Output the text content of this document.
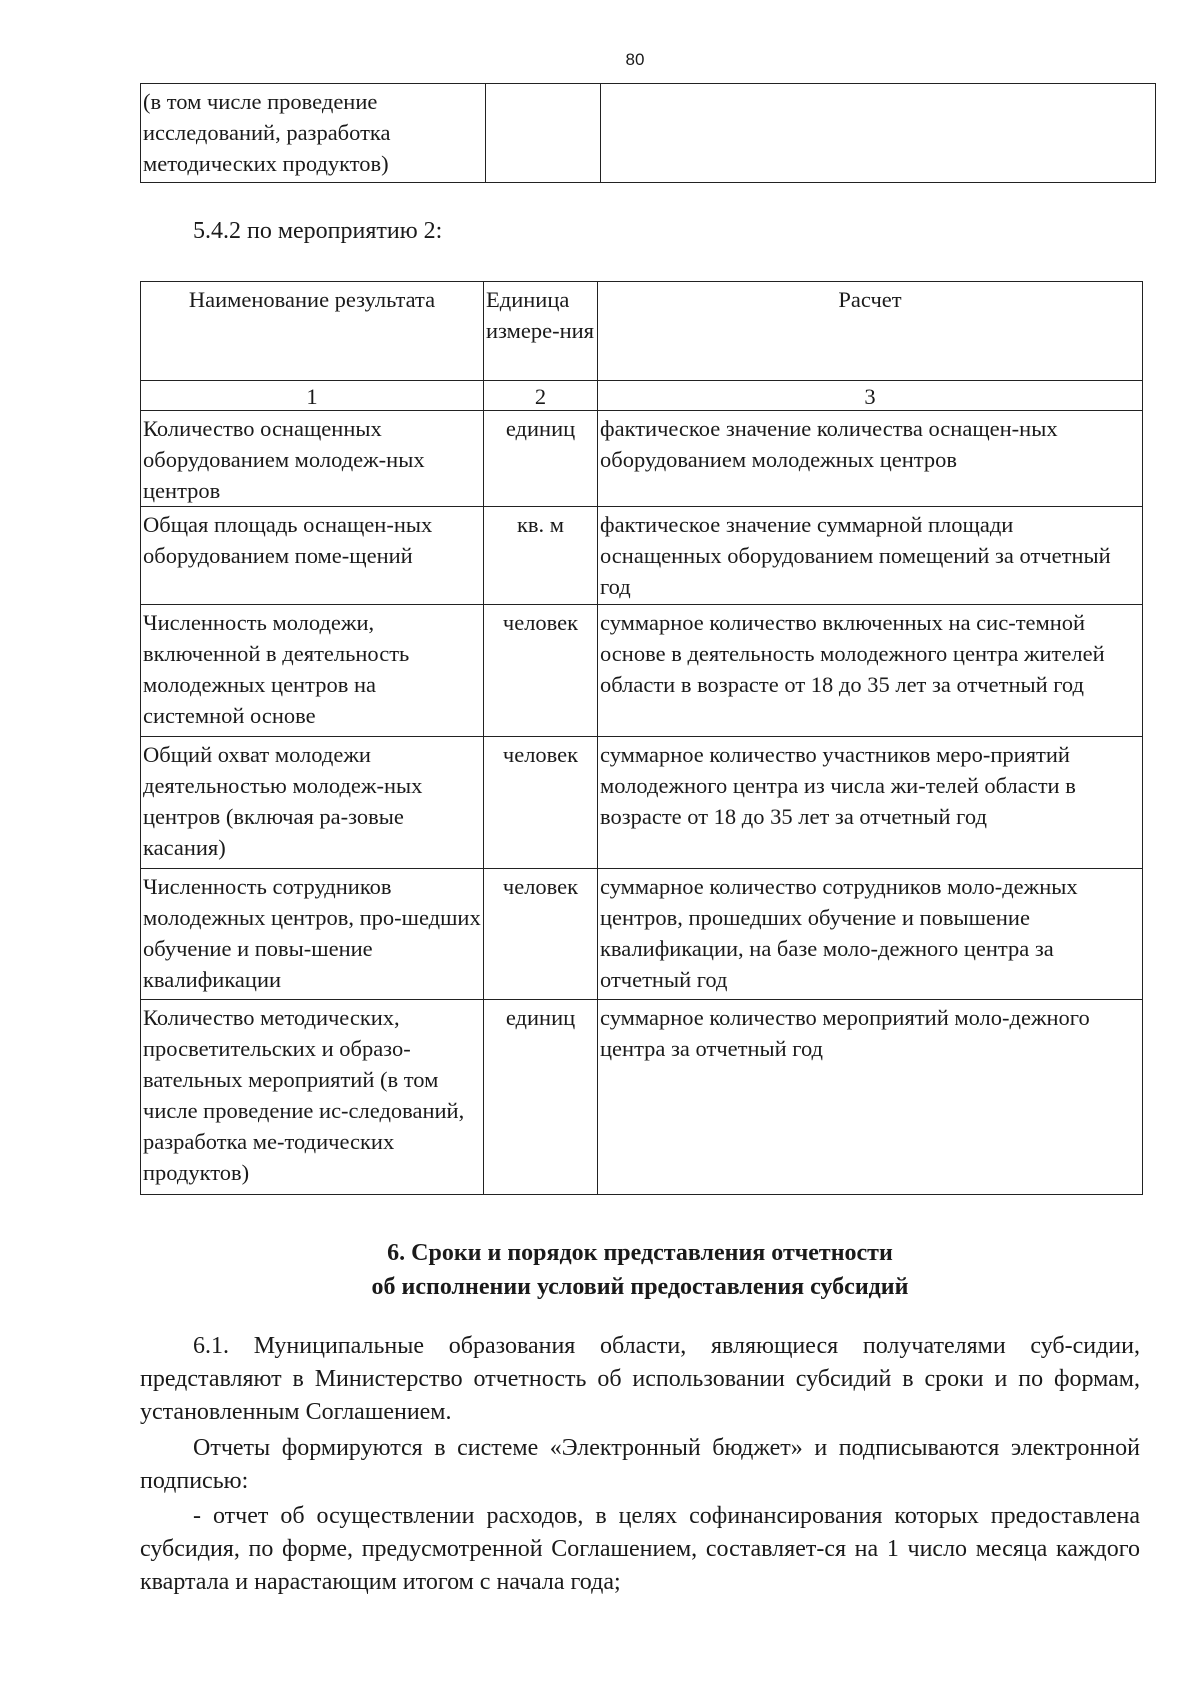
80
(в том числе проведение исследований, разработка методических продуктов)		
5.4.2 по мероприятию 2:
Наименование результата	Единица измере-ния	Расчет
1	2	3
Количество оснащенных оборудованием молодеж-ных центров	единиц	фактическое значение количества оснащен-ных оборудованием молодежных центров
Общая площадь оснащен-ных оборудованием поме-щений	кв. м	фактическое значение суммарной площади оснащенных оборудованием помещений за отчетный год
Численность молодежи, включенной в деятельность молодежных центров на системной основе	человек	суммарное количество включенных на сис-темной основе в деятельность молодежного центра жителей области в возрасте от 18 до 35 лет за отчетный год
Общий охват молодежи деятельностью молодеж-ных центров (включая ра-зовые касания)	человек	суммарное количество участников меро-приятий молодежного центра из числа жи-телей области в возрасте от 18 до 35 лет за отчетный год
Численность сотрудников молодежных центров, про-шедших обучение и повы-шение квалификации	человек	суммарное количество сотрудников моло-дежных центров, прошедших обучение и повышение квалификации, на базе моло-дежного центра за отчетный год
Количество методических, просветительских и образо-вательных мероприятий (в том числе проведение ис-следований, разработка ме-тодических продуктов)	единиц	суммарное количество мероприятий моло-дежного центра за отчетный год
6. Сроки и порядок представления отчетности
об исполнении условий предоставления субсидий
6.1. Муниципальные образования области, являющиеся получателями суб-сидии, представляют в Министерство отчетность об использовании субсидий в сроки и по формам, установленным Соглашением.
Отчеты формируются в системе «Электронный бюджет» и подписываются электронной подписью:
- отчет об осуществлении расходов, в целях софинансирования которых предоставлена субсидия, по форме, предусмотренной Соглашением, составляет-ся на 1 число месяца каждого квартала и нарастающим итогом с начала года;
